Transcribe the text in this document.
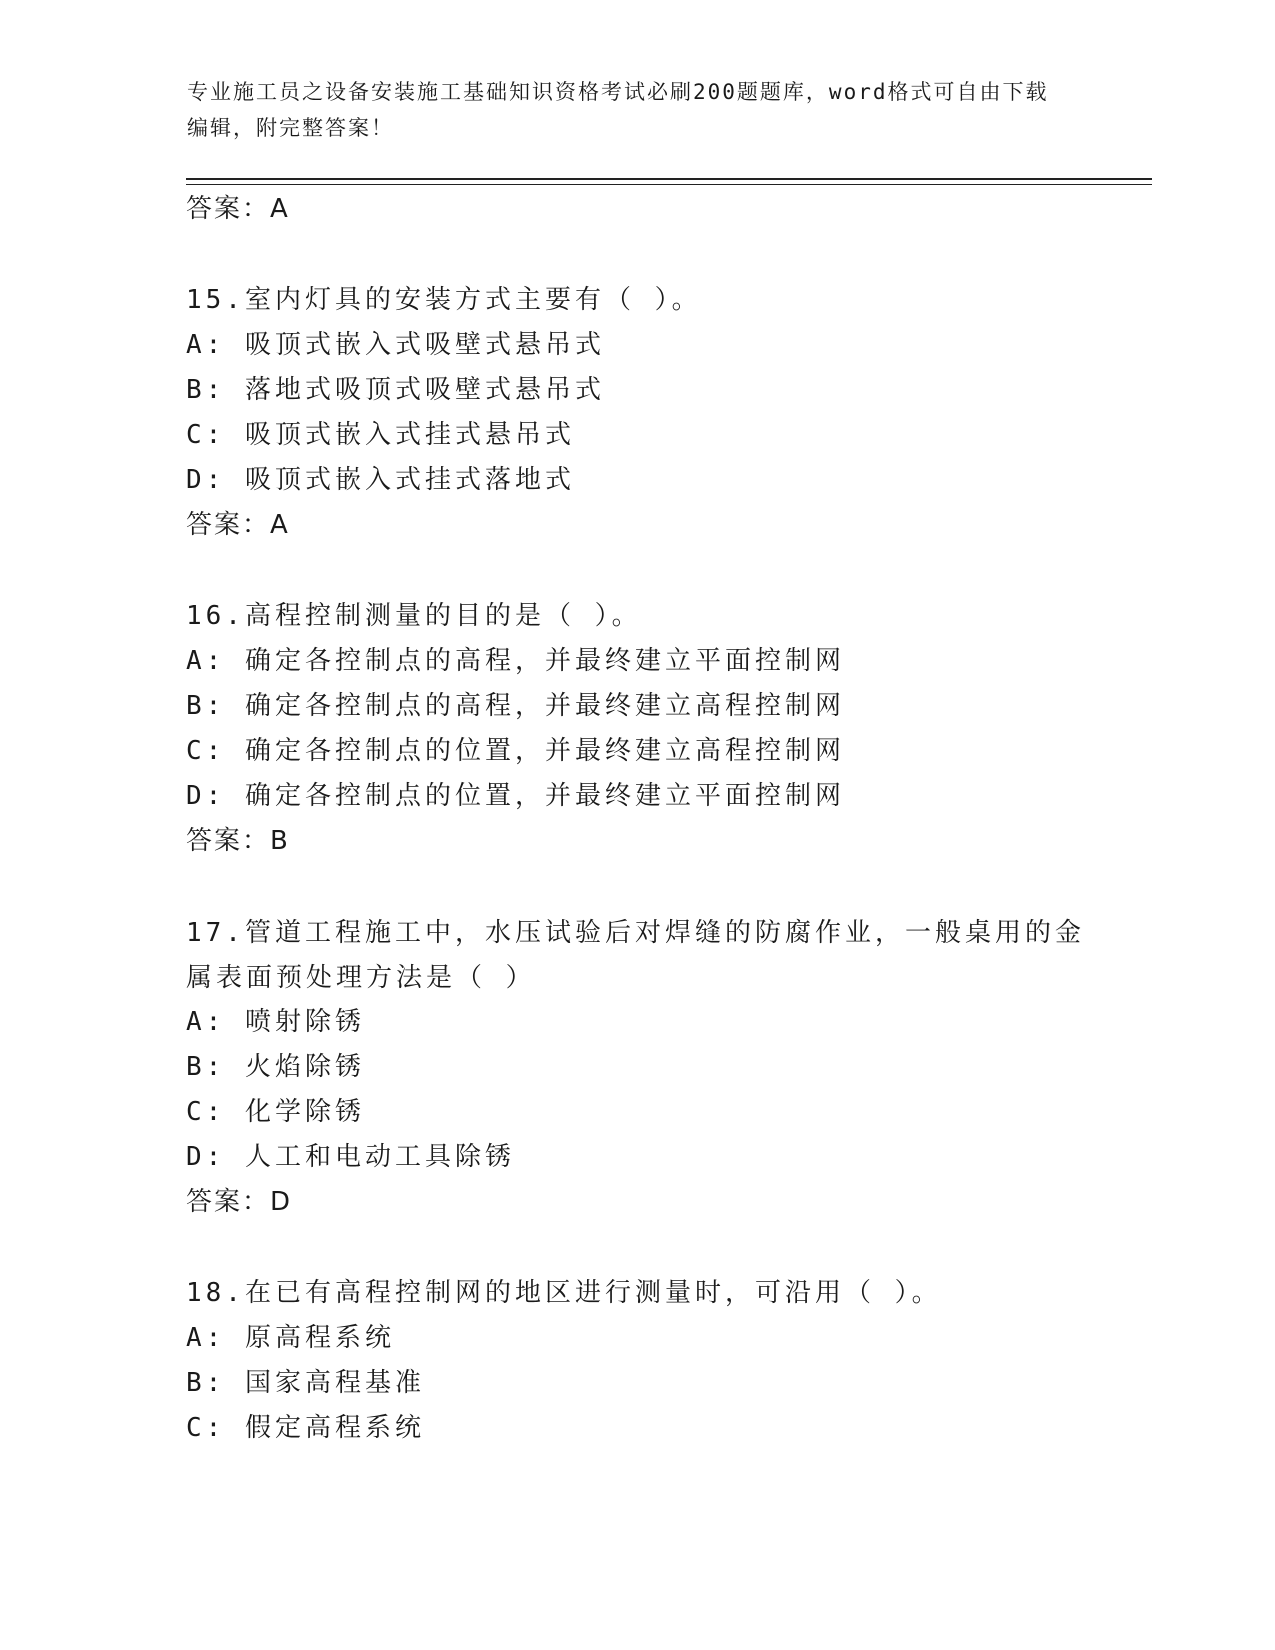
专业施工员之设备安装施工基础知识资格考试必刷200题题库，word格式可自由下载编辑，附完整答案！
答案：A
15.室内灯具的安装方式主要有（ ）。
A: 吸顶式嵌入式吸壁式悬吊式
B: 落地式吸顶式吸壁式悬吊式
C: 吸顶式嵌入式挂式悬吊式
D: 吸顶式嵌入式挂式落地式
答案：A
16.高程控制测量的目的是（ ）。
A: 确定各控制点的高程，并最终建立平面控制网
B: 确定各控制点的高程，并最终建立高程控制网
C: 确定各控制点的位置，并最终建立高程控制网
D: 确定各控制点的位置，并最终建立平面控制网
答案：B
17.管道工程施工中，水压试验后对焊缝的防腐作业，一般桌用的金属表面预处理方法是（ ）
A: 喷射除锈
B: 火焰除锈
C: 化学除锈
D: 人工和电动工具除锈
答案：D
18.在已有高程控制网的地区进行测量时，可沿用（ ）。
A: 原高程系统
B: 国家高程基准
C: 假定高程系统
